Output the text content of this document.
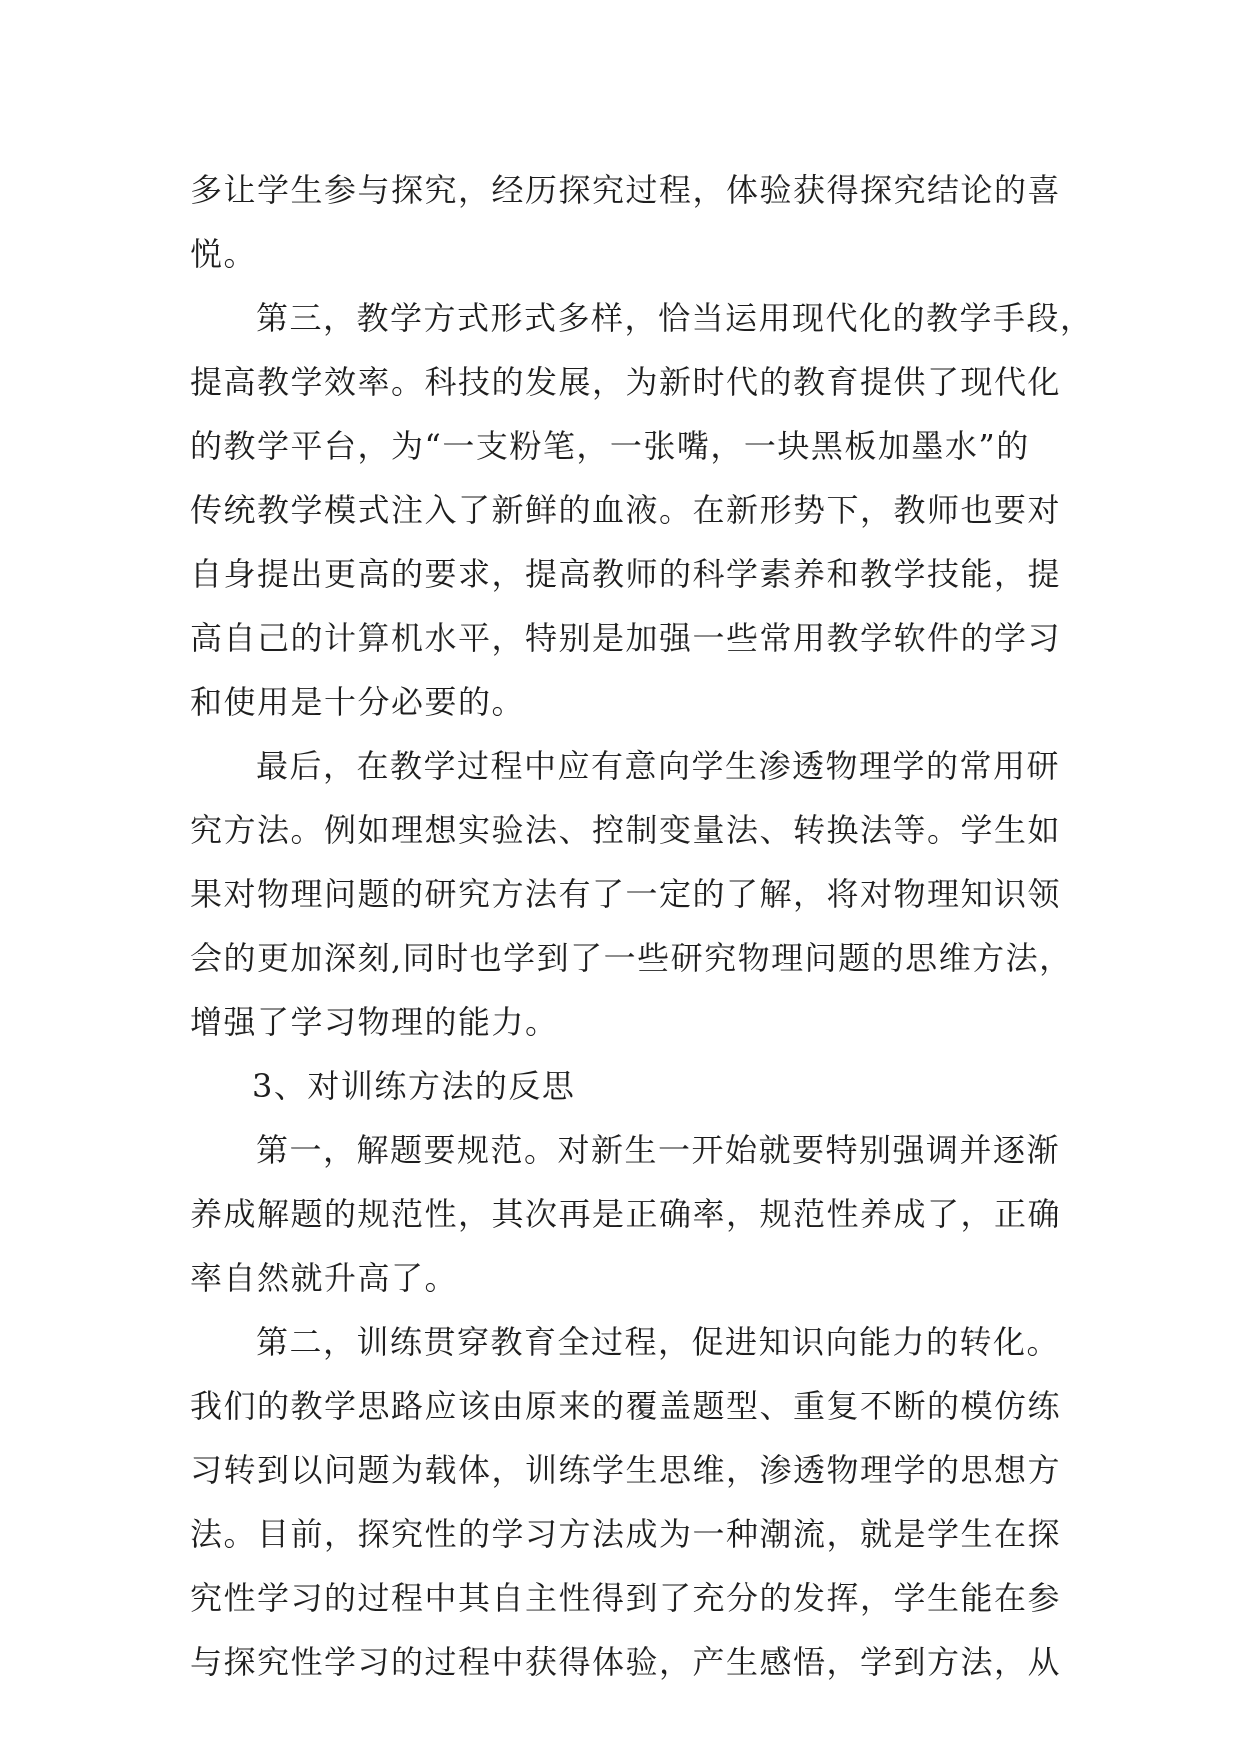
多让学生参与探究，经历探究过程，体验获得探究结论的喜
悦。
第三，教学方式形式多样，恰当运用现代化的教学手段，
提高教学效率。科技的发展，为新时代的教育提供了现代化
的教学平台，为“一支粉笔，一张嘴，一块黑板加墨水”的
传统教学模式注入了新鲜的血液。在新形势下，教师也要对
自身提出更高的要求，提高教师的科学素养和教学技能，提
高自己的计算机水平，特别是加强一些常用教学软件的学习
和使用是十分必要的。
最后，在教学过程中应有意向学生渗透物理学的常用研
究方法。例如理想实验法、控制变量法、转换法等。学生如
果对物理问题的研究方法有了一定的了解，将对物理知识领
会的更加深刻,同时也学到了一些研究物理问题的思维方法，
增强了学习物理的能力。
3、对训练方法的反思
第一，解题要规范。对新生一开始就要特别强调并逐渐
养成解题的规范性，其次再是正确率，规范性养成了，正确
率自然就升高了。
第二，训练贯穿教育全过程，促进知识向能力的转化。
我们的教学思路应该由原来的覆盖题型、重复不断的模仿练
习转到以问题为载体，训练学生思维，渗透物理学的思想方
法。目前，探究性的学习方法成为一种潮流，就是学生在探
究性学习的过程中其自主性得到了充分的发挥，学生能在参
与探究性学习的过程中获得体验，产生感悟，学到方法，从
